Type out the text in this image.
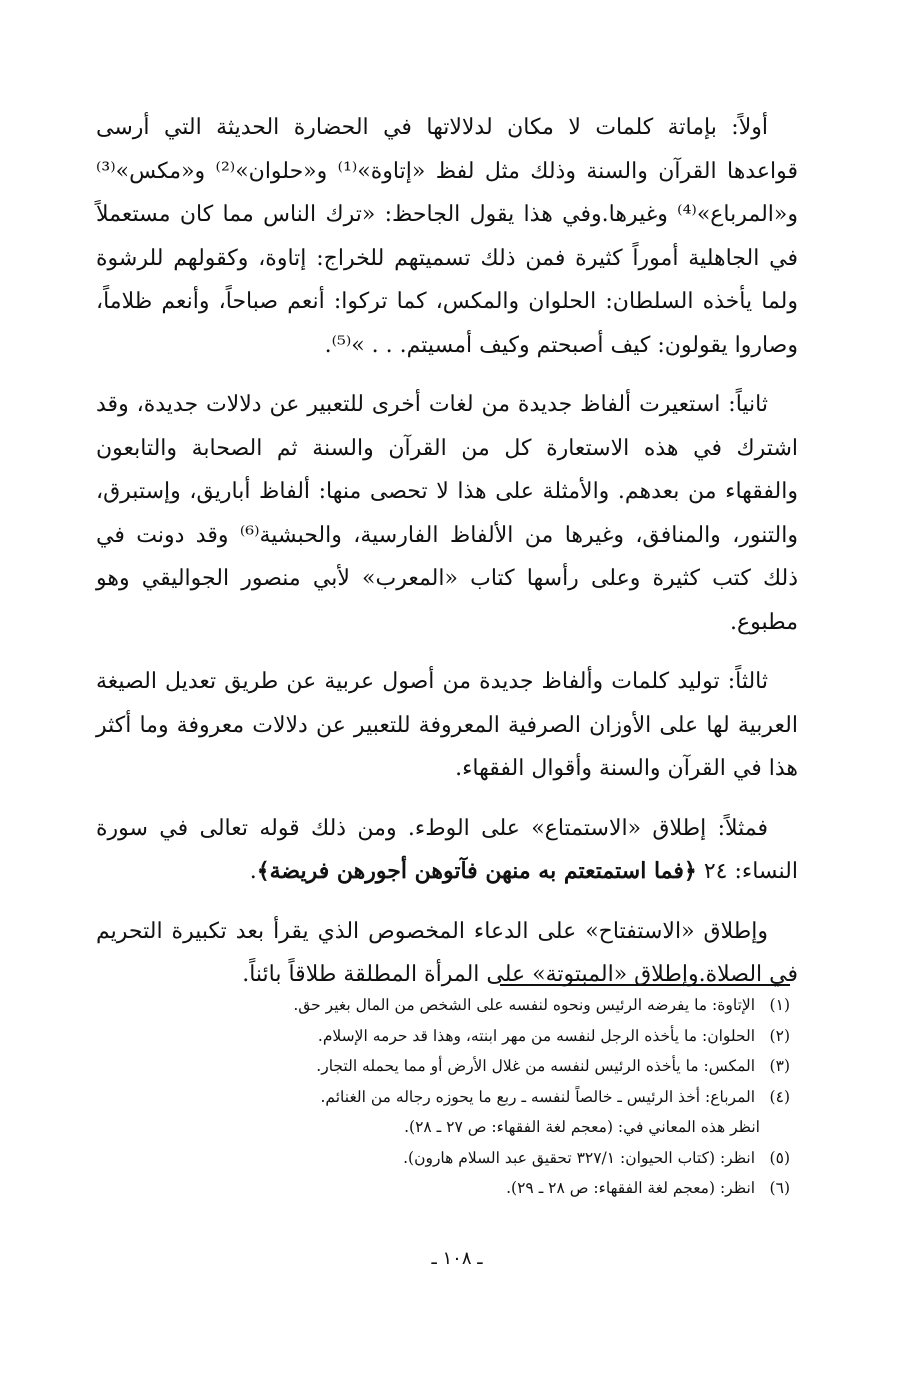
أولاً: بإماتة كلمات لا مكان لدلالاتها في الحضارة الحديثة التي أرسى قواعدها القرآن والسنة وذلك مثل لفظ «إتاوة»⁽¹⁾ و«حلوان»⁽²⁾ و«مكس»⁽³⁾ و«المرباع»⁽⁴⁾ وغيرها.وفي هذا يقول الجاحظ: «ترك الناس مما كان مستعملاً في الجاهلية أموراً كثيرة فمن ذلك تسميتهم للخراج: إتاوة، وكقولهم للرشوة ولما يأخذه السلطان: الحلوان والمكس، كما تركوا: أنعم صباحاً، وأنعم ظلاماً، وصاروا يقولون: كيف أصبحتم وكيف أمسيتم. . . »⁽⁵⁾.

ثانياً: استعيرت ألفاظ جديدة من لغات أخرى للتعبير عن دلالات جديدة، وقد اشترك في هذه الاستعارة كل من القرآن والسنة ثم الصحابة والتابعون والفقهاء من بعدهم. والأمثلة على هذا لا تحصى منها: ألفاظ أباريق، وإستبرق، والتنور، والمنافق، وغيرها من الألفاظ الفارسية، والحبشية⁽⁶⁾ وقد دونت في ذلك كتب كثيرة وعلى رأسها كتاب «المعرب» لأبي منصور الجواليقي وهو مطبوع.

ثالثاً: توليد كلمات وألفاظ جديدة من أصول عربية عن طريق تعديل الصيغة العربية لها على الأوزان الصرفية المعروفة للتعبير عن دلالات معروفة وما أكثر هذا في القرآن والسنة وأقوال الفقهاء.

فمثلاً: إطلاق «الاستمتاع» على الوطء. ومن ذلك قوله تعالى في سورة النساء: ٢٤ ﴿فما استمتعتم به منهن فآتوهن أجورهن فريضة﴾.

وإطلاق «الاستفتاح» على الدعاء المخصوص الذي يقرأ بعد تكبيرة التحريم في الصلاة.وإطلاق «المبتوتة» على المرأة المطلقة طلاقاً بائناً.

(١) الإتاوة: ما يفرضه الرئيس ونحوه لنفسه على الشخص من المال بغير حق.

(٢) الحلوان: ما يأخذه الرجل لنفسه من مهر ابنته، وهذا قد حرمه الإسلام.

(٣) المكس: ما يأخذه الرئيس لنفسه من غلال الأرض أو مما يحمله التجار.

(٤) المرباع: أخذ الرئيس ـ خالصاً لنفسه ـ ربع ما يحوزه رجاله من الغنائم.

انظر هذه المعاني في: (معجم لغة الفقهاء: ص ٢٧ ـ ٢٨).

(٥) انظر: (كتاب الحيوان: ٣٢٧/١ تحقيق عبد السلام هارون).

(٦) انظر: (معجم لغة الفقهاء: ص ٢٨ ـ ٢٩).

ـ ١٠٨ ـ
